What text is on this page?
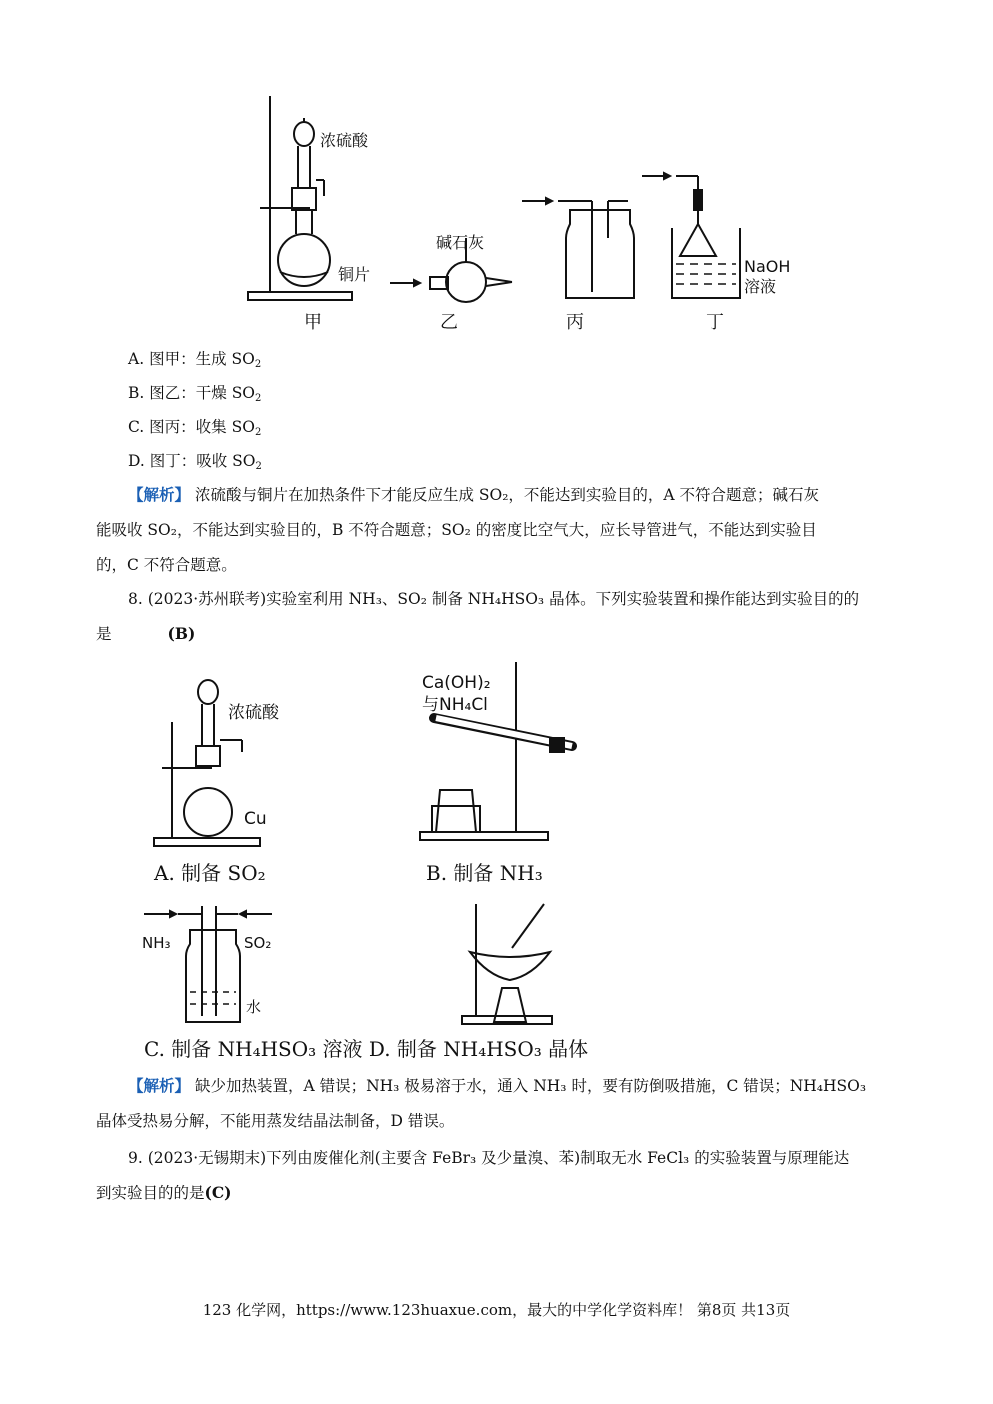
浓硫酸
铜片
碱石灰
NaOH
溶液
甲	乙	丙	丁
A. 图甲：生成 $SO_2$
B. 图乙：干燥 $SO_2$
C. 图丙：收集 $SO_2$
D. 图丁：吸收 $SO_2$
【解析】 浓硫酸与铜片在加热条件下才能反应生成 SO₂，不能达到实验目的，A 不符合题意；碱石灰
能吸收 SO₂，不能达到实验目的，B 不符合题意；SO₂ 的密度比空气大，应长导管进气，不能达到实验目
的，C 不符合题意。
8. (2023·苏州联考)实验室利用 NH₃、SO₂ 制备 NH₄HSO₃ 晶体。下列实验装置和操作能达到实验目的的
是	(B)
浓硫酸
Cu
Ca(OH)₂
与NH₄Cl
NH₃	SO₂
水
A. 制备 SO₂	B. 制备 NH₃
C. 制备 NH₄HSO₃ 溶液 D. 制备 NH₄HSO₃ 晶体
【解析】 缺少加热装置，A 错误；NH₃ 极易溶于水，通入 NH₃ 时，要有防倒吸措施，C 错误；NH₄HSO₃
晶体受热易分解，不能用蒸发结晶法制备，D 错误。
9. (2023·无锡期末)下列由废催化剂(主要含 FeBr₃ 及少量溴、苯)制取无水 FeCl₃ 的实验装置与原理能达
到实验目的的是(C)
123 化学网，https://www.123huaxue.com，最大的中学化学资料库！ 第8页 共13页
